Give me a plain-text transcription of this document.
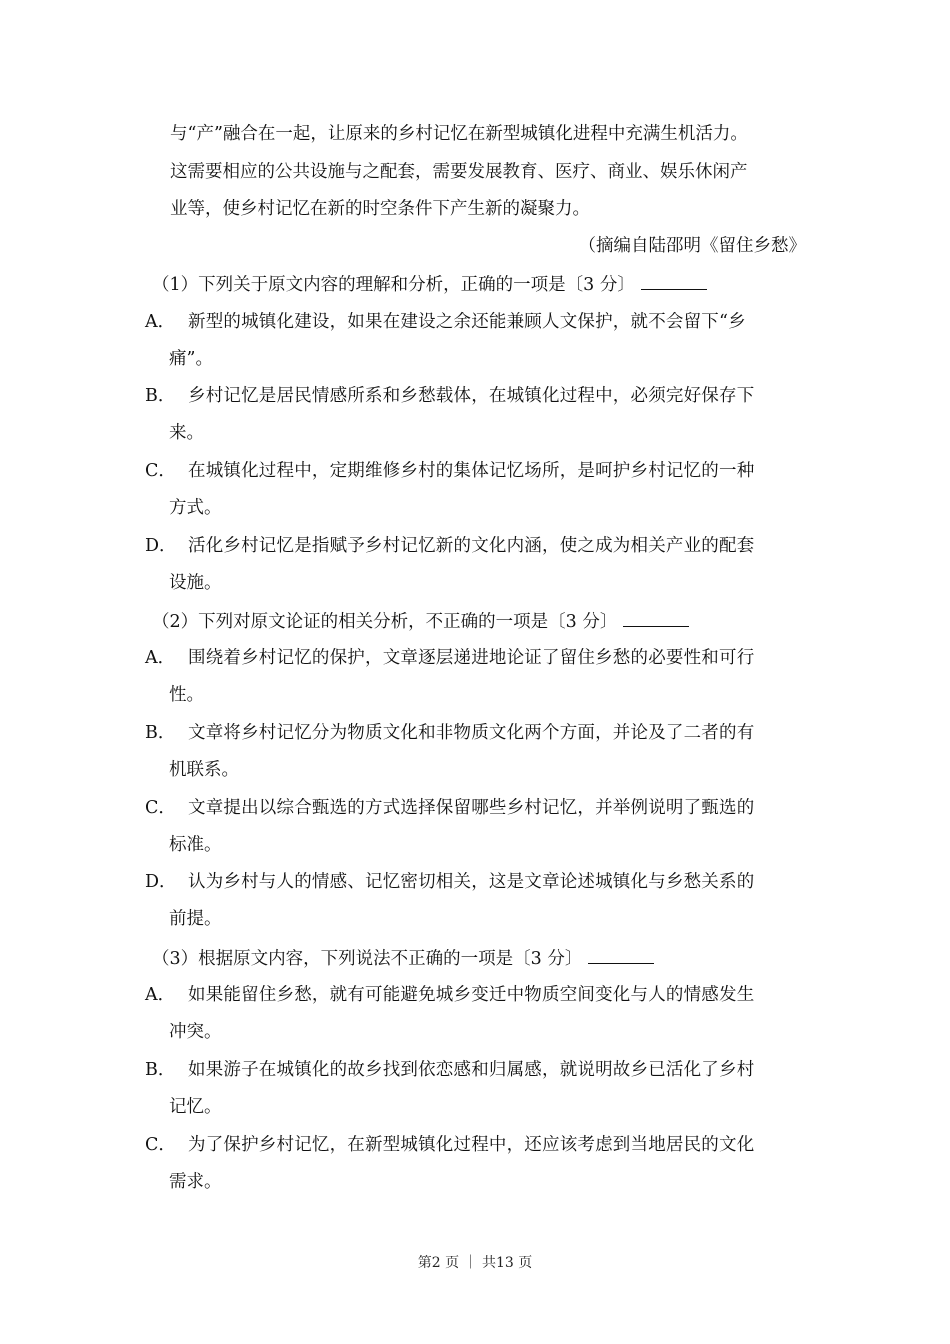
与“产”融合在一起，让原来的乡村记忆在新型城镇化进程中充满生机活力。
这需要相应的公共设施与之配套，需要发展教育、医疗、商业、娱乐休闲产
业等，使乡村记忆在新的时空条件下产生新的凝聚力。
（摘编自陆邵明《留住乡愁》
（1）下列关于原文内容的理解和分析，正确的一项是〔3 分〕
A． 新型的城镇化建设，如果在建设之余还能兼顾人文保护，就不会留下“乡
痛”。
B． 乡村记忆是居民情感所系和乡愁载体，在城镇化过程中，必须完好保存下
来。
C． 在城镇化过程中，定期维修乡村的集体记忆场所，是呵护乡村记忆的一种
方式。
D． 活化乡村记忆是指赋予乡村记忆新的文化内涵，使之成为相关产业的配套
设施。
（2）下列对原文论证的相关分析，不正确的一项是〔3 分〕
A． 围绕着乡村记忆的保护，文章逐层递进地论证了留住乡愁的必要性和可行
性。
B． 文章将乡村记忆分为物质文化和非物质文化两个方面，并论及了二者的有
机联系。
C． 文章提出以综合甄选的方式选择保留哪些乡村记忆，并举例说明了甄选的
标准。
D． 认为乡村与人的情感、记忆密切相关，这是文章论述城镇化与乡愁关系的
前提。
（3）根据原文内容，下列说法不正确的一项是〔3 分〕
A． 如果能留住乡愁，就有可能避免城乡变迁中物质空间变化与人的情感发生
冲突。
B． 如果游子在城镇化的故乡找到依恋感和归属感，就说明故乡已活化了乡村
记忆。
C． 为了保护乡村记忆，在新型城镇化过程中，还应该考虑到当地居民的文化
需求。
第2 页 ｜ 共13 页
